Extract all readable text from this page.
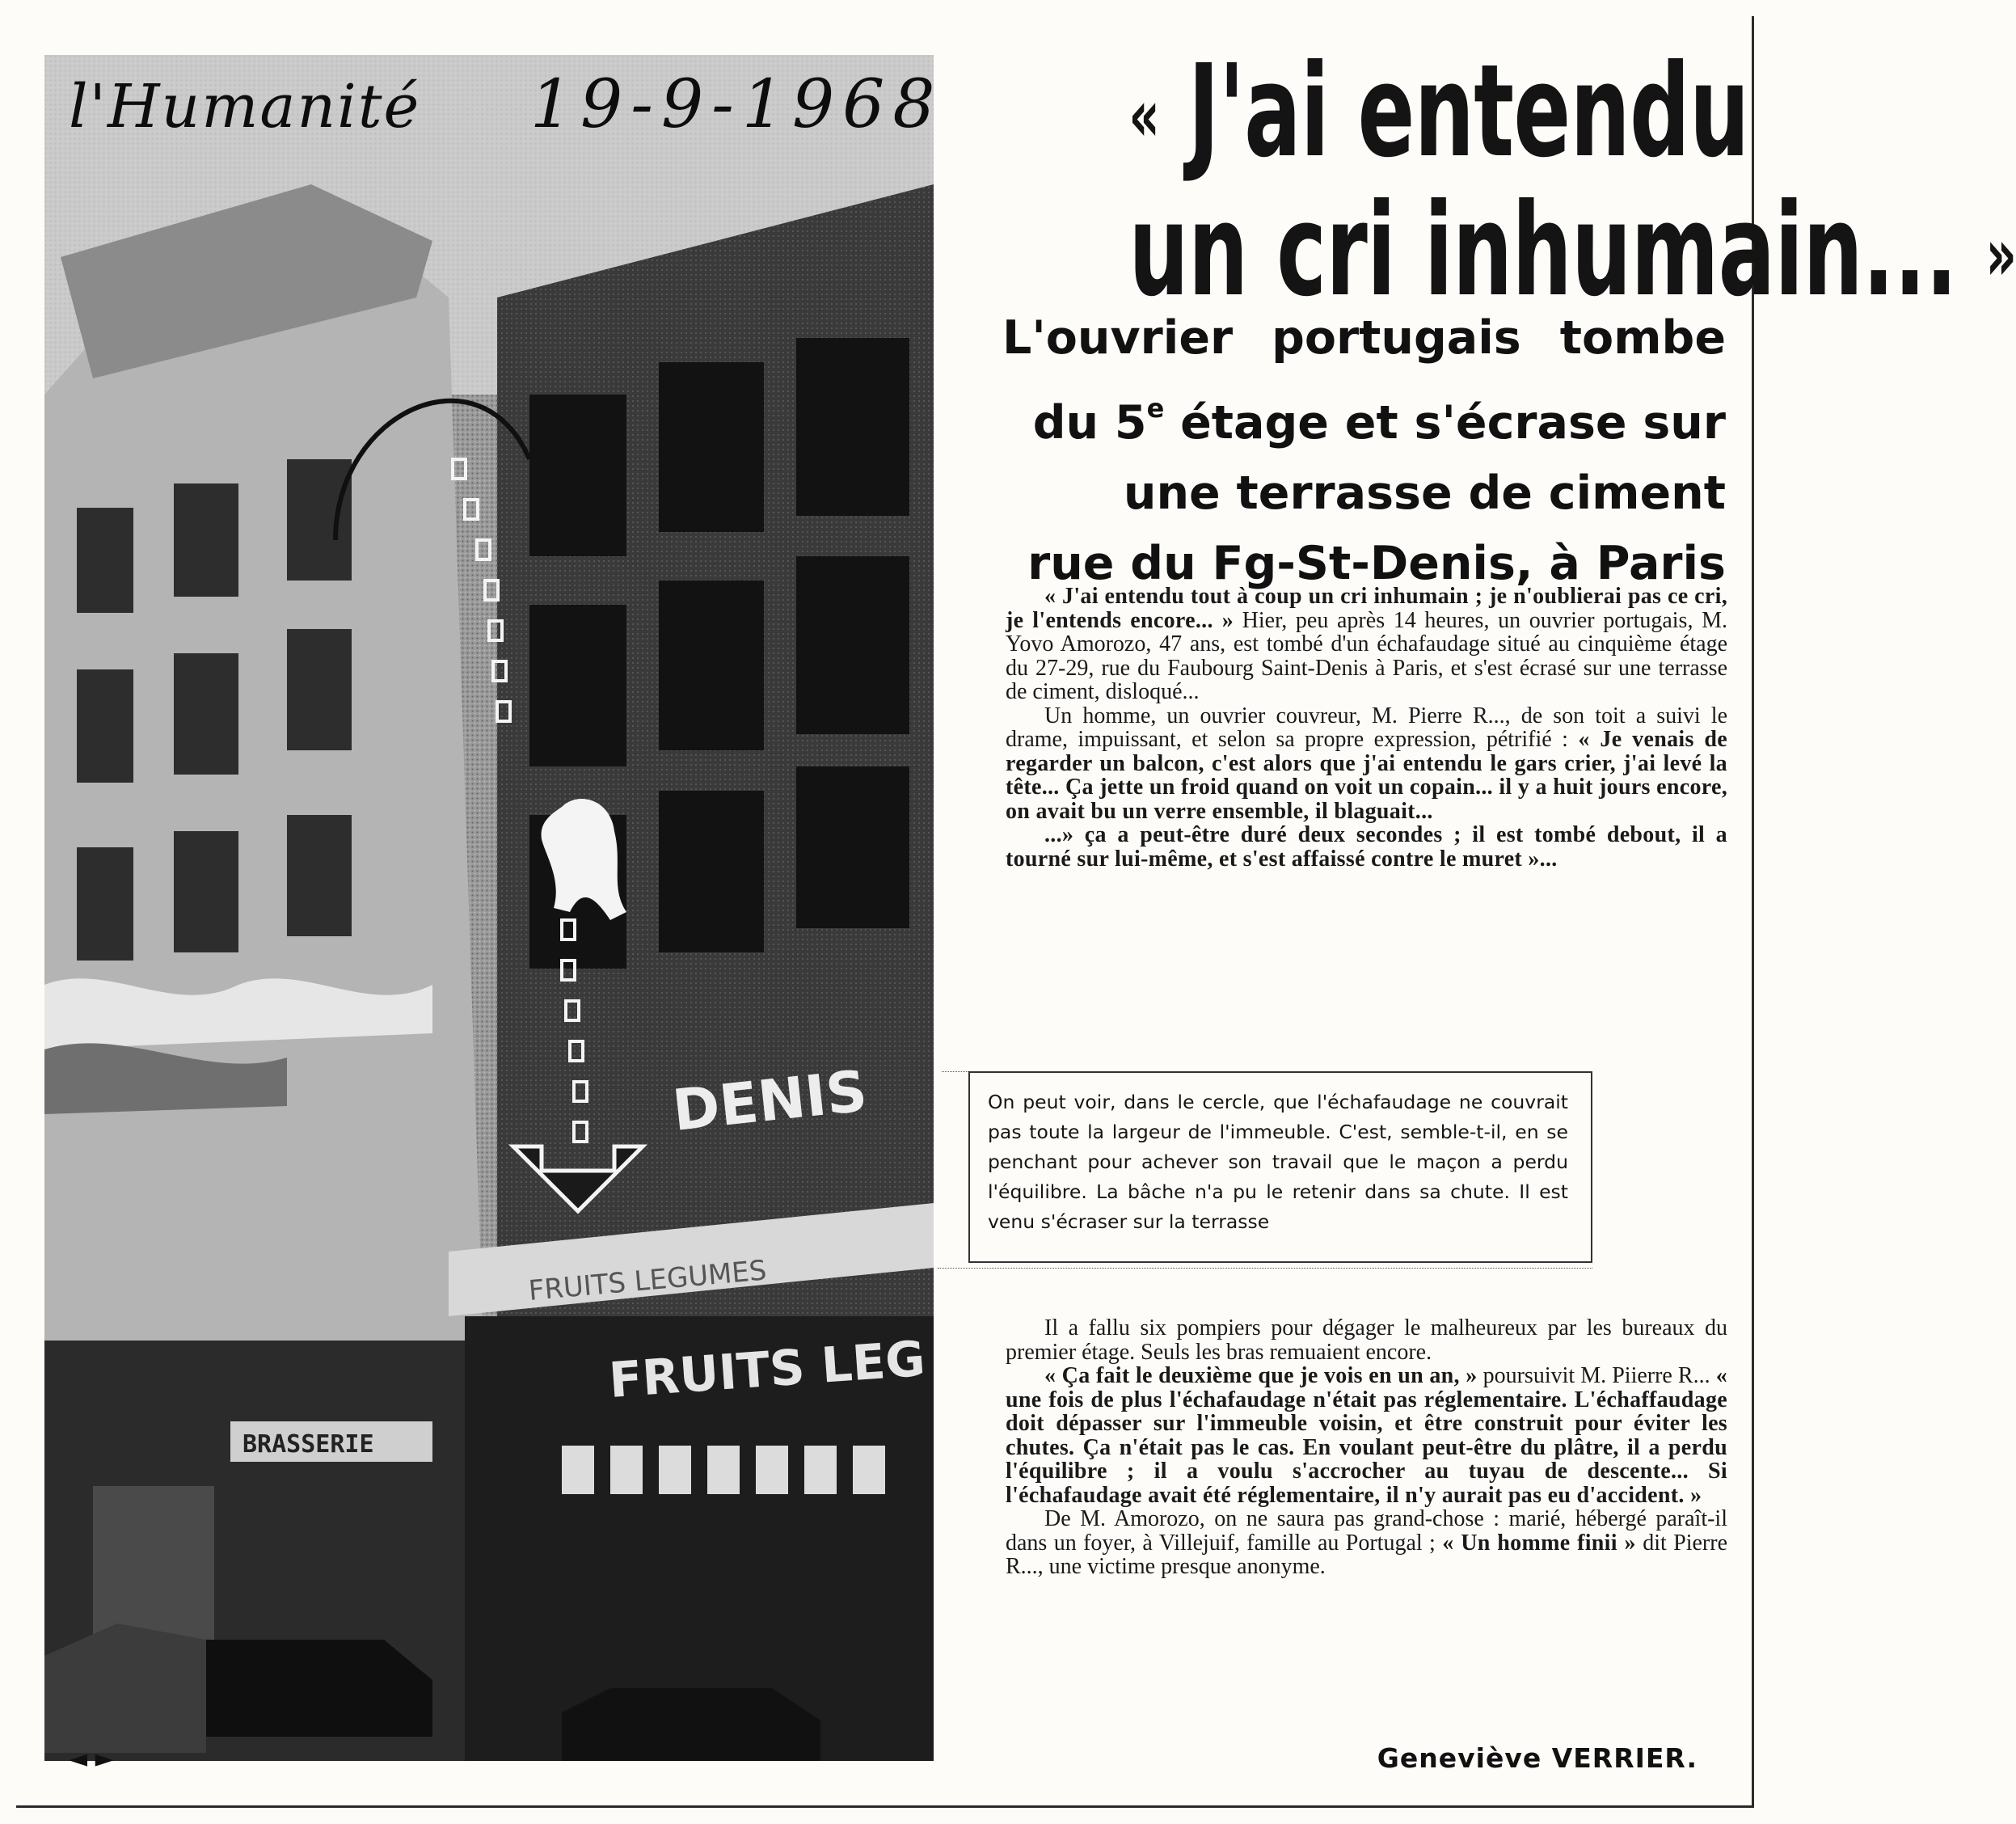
DENIS
FRUITS LEGUMES
FRUITS LEG
BRASSERIE
l'Humanité 19-9-1968
◄ ►
« J'ai entendu
un cri inhumain... »
L'ouvrier portugais tombe
du 5e étage et s'écrase sur
une terrasse de ciment
rue du Fg-St-Denis, à Paris

« J'ai entendu tout à coup un cri inhumain ; je n'oublierai pas ce cri, je l'entends encore... » Hier, peu après 14 heures, un ouvrier portugais, M. Yovo Amorozo, 47 ans, est tombé d'un échafaudage situé au cinquième étage du 27-29, rue du Faubourg Saint-Denis à Paris, et s'est écrasé sur une terrasse de ciment, disloqué...

Un homme, un ouvrier couvreur, M. Pierre R..., de son toit a suivi le drame, impuissant, et selon sa propre expression, pétrifié : « Je venais de regarder un balcon, c'est alors que j'ai entendu le gars crier, j'ai levé la tête... Ça jette un froid quand on voit un copain... il y a huit jours encore, on avait bu un verre ensemble, il blaguait...

...» ça a peut-être duré deux secondes ; il est tombé debout, il a tourné sur lui-même, et s'est affaissé contre le muret »...

On peut voir, dans le cercle, que l'échafaudage ne couvrait pas toute la largeur de l'immeuble. C'est, semble-t-il, en se penchant pour achever son travail que le maçon a perdu l'équilibre. La bâche n'a pu le retenir dans sa chute. Il est venu s'écraser sur la terrasse

Il a fallu six pompiers pour dégager le malheureux par les bureaux du premier étage. Seuls les bras remuaient encore.

« Ça fait le deuxième que je vois en un an, » poursuivit M. Piierre R... « une fois de plus l'échafaudage n'était pas réglementaire. L'échaffaudage doit dépasser sur l'immeuble voisin, et être construit pour éviter les chutes. Ça n'était pas le cas. En voulant peut-être du plâtre, il a perdu l'équilibre ; il a voulu s'accrocher au tuyau de descente... Si l'échafaudage avait été réglementaire, il n'y aurait pas eu d'accident. »

De M. Amorozo, on ne saura pas grand-chose : marié, hébergé paraît-il dans un foyer, à Villejuif, famille au Portugal ; « Un homme finii » dit Pierre R..., une victime presque anonyme.

Geneviève VERRIER.
